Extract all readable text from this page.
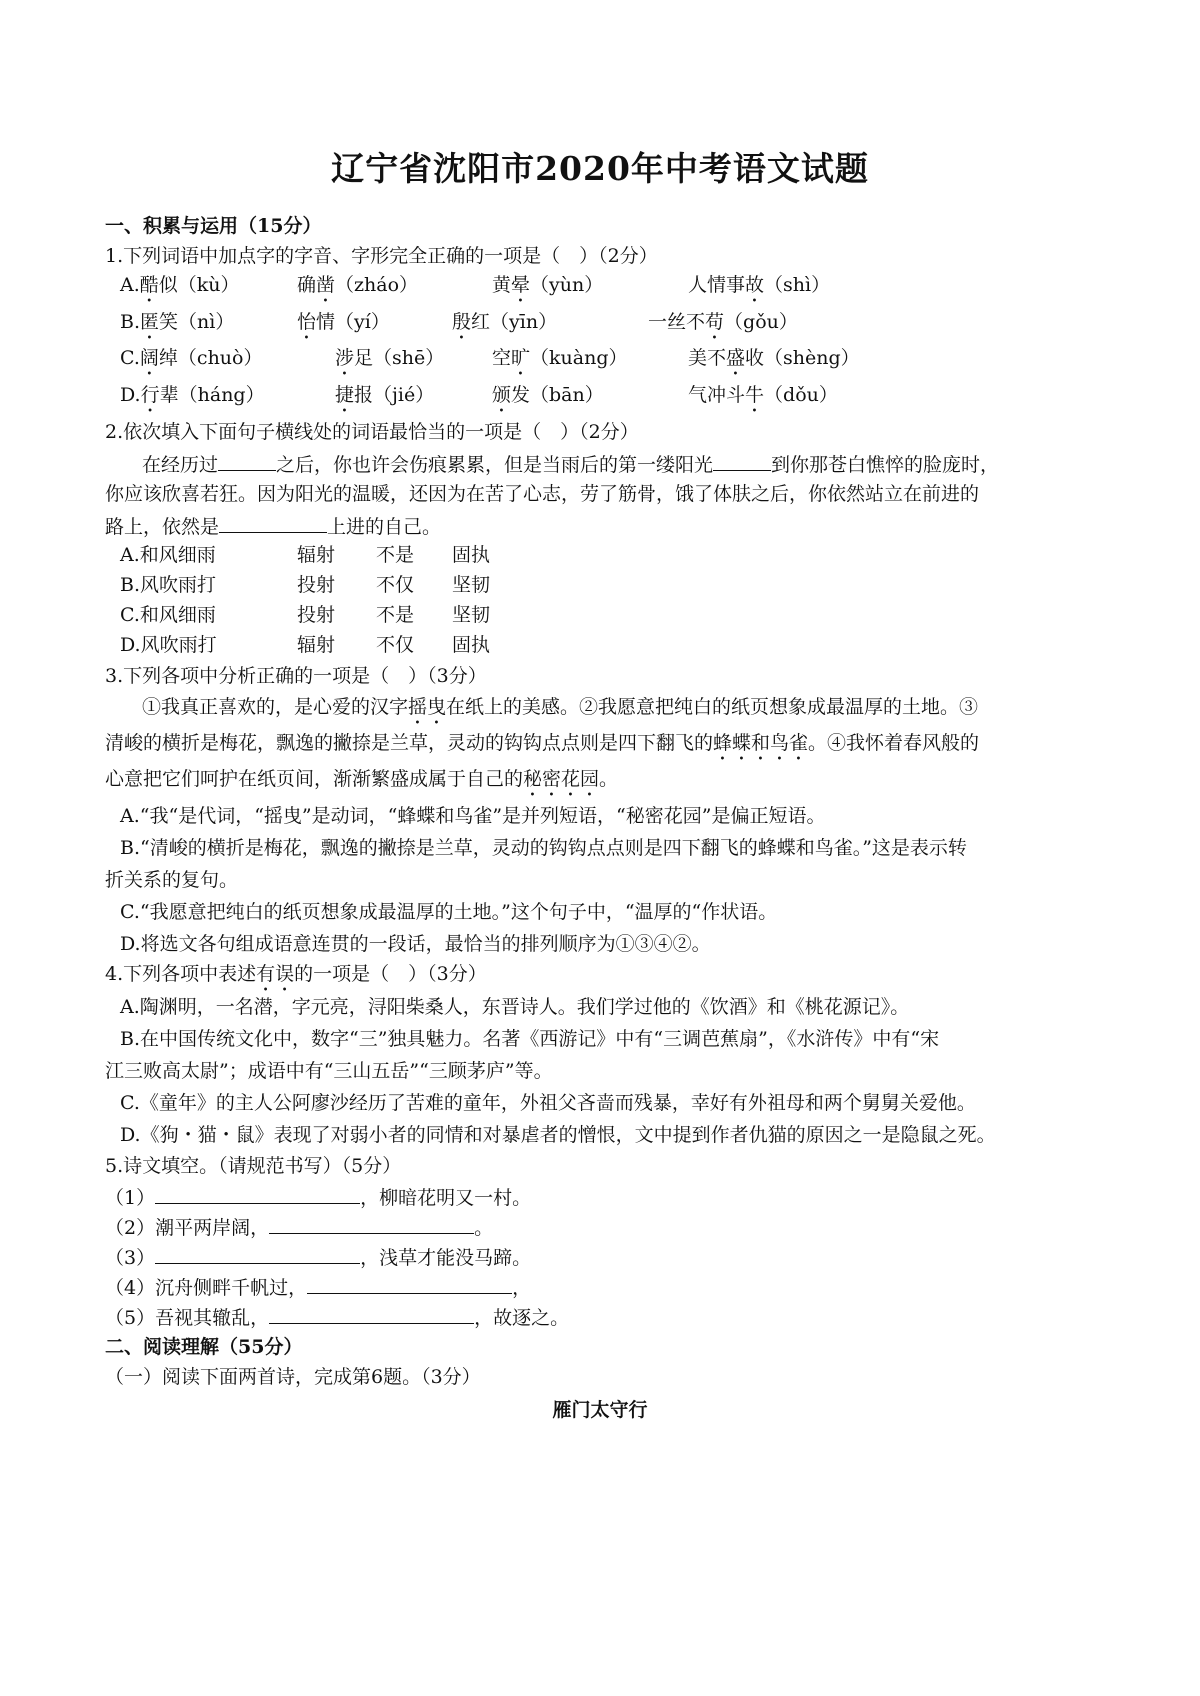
辽宁省沈阳市2020年中考语文试题
一、积累与运用（15分）
1.下列词语中加点字的字音、字形完全正确的一项是（　）（2分）
A.酷似（kù）	确凿（zháo）	黄晕（yùn）	人情事故（shì）
B.匿笑（nì）	怡情（yí）	殷红（yīn）	一丝不苟（gǒu）
C.阔绰（chuò）	涉足（shē）	空旷（kuàng）	美不盛收（shèng）
D.行辈（háng）	捷报（jié）	颁发（bān）	气冲斗牛（dǒu）
2.依次填入下面句子横线处的词语最恰当的一项是（　）（2分）
在经历过	之后，你也许会伤痕累累，但是当雨后的第一缕阳光	到你那苍白憔悴的脸庞时，
你应该欣喜若狂。因为阳光的温暖，还因为在苦了心志，劳了筋骨，饿了体肤之后，你依然站立在前进的
路上，依然是	上进的自己。
A.和风细雨	辐射 不是 固执
B.风吹雨打	投射 不仅 坚韧
C.和风细雨	投射 不是 坚韧
D.风吹雨打	辐射 不仅 固执
3.下列各项中分析正确的一项是（　）（3分）
①我真正喜欢的，是心爱的汉字摇曳在纸上的美感。②我愿意把纯白的纸页想象成最温厚的土地。③
清峻的横折是梅花，飘逸的撇捺是兰草，灵动的钩钩点点则是四下翻飞的蜂蝶和鸟雀。④我怀着春风般的
心意把它们呵护在纸页间，渐渐繁盛成属于自己的秘密花园。
A.“我“是代词，“摇曳”是动词，“蜂蝶和鸟雀”是并列短语，“秘密花园”是偏正短语。
B.“清峻的横折是梅花，飘逸的撇捺是兰草，灵动的钩钩点点则是四下翻飞的蜂蝶和鸟雀。”这是表示转
折关系的复句。
C.“我愿意把纯白的纸页想象成最温厚的土地。”这个句子中，“温厚的“作状语。
D.将选文各句组成语意连贯的一段话，最恰当的排列顺序为①③④②。
4.下列各项中表述有误的一项是（　）（3分）
A.陶渊明，一名潜，字元亮，浔阳柴桑人，东晋诗人。我们学过他的《饮酒》和《桃花源记》。
B.在中国传统文化中，数字“三”独具魅力。名著《西游记》中有“三调芭蕉扇”，《水浒传》中有“宋
江三败高太尉”；成语中有“三山五岳”“三顾茅庐”等。
C.《童年》的主人公阿廖沙经历了苦难的童年，外祖父吝啬而残暴，幸好有外祖母和两个舅舅关爱他。
D.《狗・猫・鼠》表现了对弱小者的同情和对暴虐者的憎恨，文中提到作者仇猫的原因之一是隐鼠之死。
5.诗文填空。（请规范书写）（5分）
（1）	，柳暗花明又一村。
（2）潮平两岸阔，	。
（3）	，浅草才能没马蹄。
（4）沉舟侧畔千帆过，	，
（5）吾视其辙乱，	，故逐之。
二、阅读理解（55分）
（一）阅读下面两首诗，完成第6题。（3分）
雁门太守行
